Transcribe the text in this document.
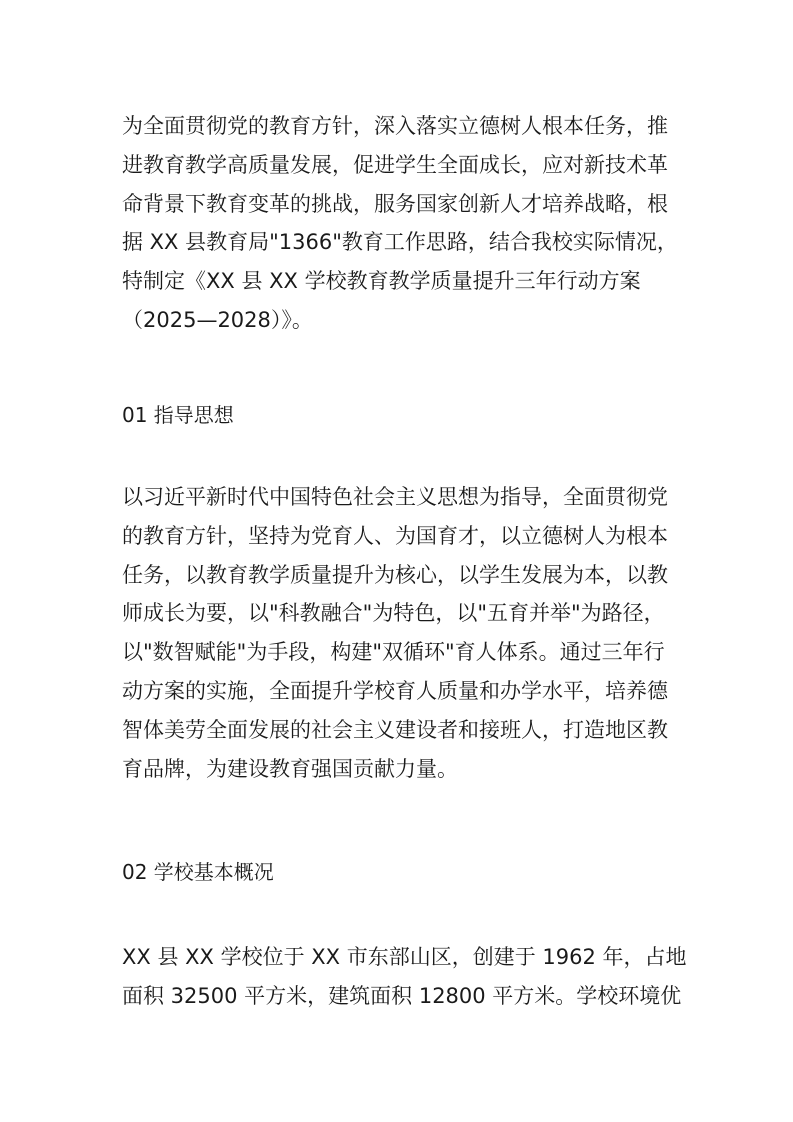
为全面贯彻党的教育方针，深入落实立德树人根本任务，推
进教育教学高质量发展，促进学生全面成长，应对新技术革
命背景下教育变革的挑战，服务国家创新人才培养战略，根
据 XX 县教育局"1366"教育工作思路，结合我校实际情况，
特制定《XX 县 XX 学校教育教学质量提升三年行动方案
（2025—2028）》。
01 指导思想
以习近平新时代中国特色社会主义思想为指导，全面贯彻党
的教育方针，坚持为党育人、为国育才，以立德树人为根本
任务，以教育教学质量提升为核心，以学生发展为本，以教
师成长为要，以"科教融合"为特色，以"五育并举"为路径，
以"数智赋能"为手段，构建"双循环"育人体系。通过三年行
动方案的实施，全面提升学校育人质量和办学水平，培养德
智体美劳全面发展的社会主义建设者和接班人，打造地区教
育品牌，为建设教育强国贡献力量。
02 学校基本概况
XX 县 XX 学校位于 XX 市东部山区，创建于 1962 年，占地
面积 32500 平方米，建筑面积 12800 平方米。学校环境优
